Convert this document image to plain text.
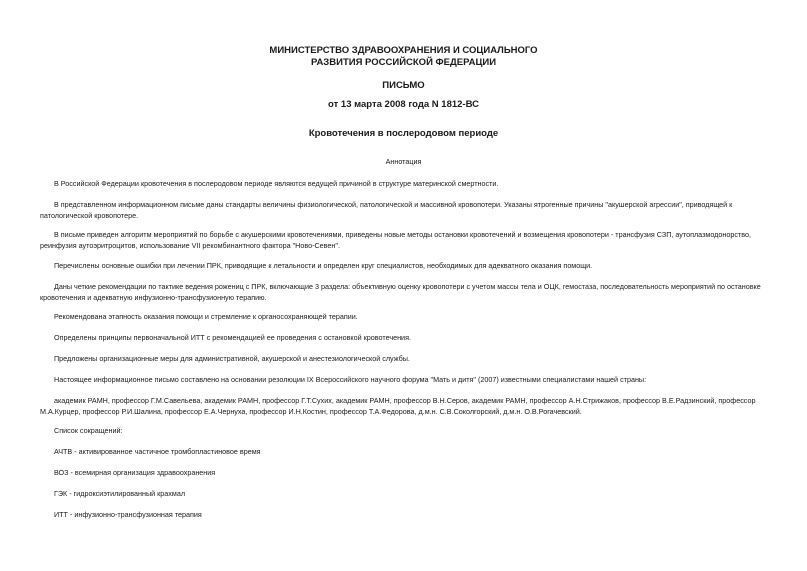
МИНИСТЕРСТВО ЗДРАВООХРАНЕНИЯ И СОЦИАЛЬНОГО
РАЗВИТИЯ РОССИЙСКОЙ ФЕДЕРАЦИИ
ПИСЬМО
от 13 марта 2008 года N 1812-ВС
Кровотечения в послеродовом периоде
Аннотация
В Российской Федерации кровотечения в послеродовом периоде являются ведущей причиной в структуре материнской смертности.
В представленном информационном письме даны стандарты величины физиологической, патологической и массивной кровопотери. Указаны ятрогенные причины "акушерской агрессии", приводящей к
патологической кровопотере.
В письме приведен алгоритм мероприятий по борьбе с акушерскими кровотечениями, приведены новые методы остановки кровотечений и возмещения кровопотери - трансфузия СЗП, аутоплазмодонорство,
реинфузия аутоэритроцитов, использование VII рекомбинантного фактора "Ново-Севен".
Перечислены основные ошибки при лечении ПРК, приводящие к летальности и определен круг специалистов, необходимых для адекватного оказания помощи.
Даны четкие рекомендации по тактике ведения рожениц с ПРК, включающие 3 раздела: объективную оценку кровопотери с учетом массы тела и ОЦК, гемостаза, последовательность мероприятий по остановке
кровотечения и адекватную инфузионно-трансфузионную терапию.
Рекомендована этапность оказания помощи и стремление к органосохраняющей терапии.
Определены принципы первоначальной ИТТ с рекомендацией ее проведения с остановкой кровотечения.
Предложены организационные меры для административной, акушерской и анестезиологической службы.
Настоящее информационное письмо составлено на основании резолюции IX Всероссийского научного форума "Мать и дитя" (2007) известными специалистами нашей страны:
академик РАМН, профессор Г.М.Савельева, академик РАМН, профессор Г.Т.Сухих, академик РАМН, профессор В.Н.Серов, академик РАМН, профессор А.Н.Стрижаков, профессор В.Е.Радзинский, профессор
М.А.Курцер, профессор Р.И.Шалина, профессор Е.А.Чернуха, профессор И.Н.Костин, профессор Т.А.Федорова, д.м.н. С.В.Соколгорский, д.м.н. О.В.Рогачевский.
Список сокращений:
АЧТВ - активированное частичное тромбопластиновое время
ВОЗ - всемирная организация здравоохранения
ГЭК - гидроксиэтилированный крахмал
ИТТ - инфузионно-трансфузионная терапия
